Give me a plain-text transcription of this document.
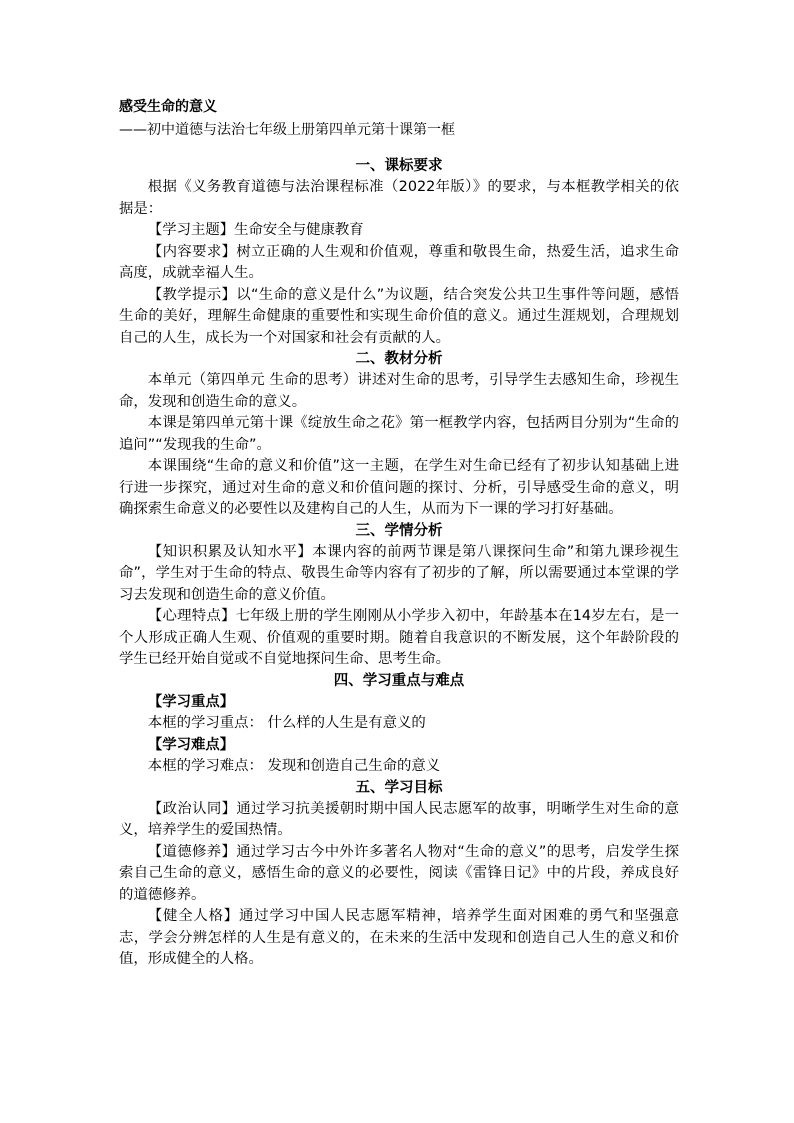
感受生命的意义
——初中道德与法治七年级上册第四单元第十课第一框
一、课标要求

根据《义务教育道德与法治课程标准（2022年版）》的要求，与本框教学相关的依据是：

【学习主题】生命安全与健康教育

【内容要求】树立正确的人生观和价值观，尊重和敬畏生命，热爱生活，追求生命高度，成就幸福人生。

【教学提示】以“生命的意义是什么”为议题，结合突发公共卫生事件等问题，感悟生命的美好，理解生命健康的重要性和实现生命价值的意义。通过生涯规划，合理规划自己的人生，成长为一个对国家和社会有贡献的人。

二、教材分析

本单元（第四单元 生命的思考）讲述对生命的思考，引导学生去感知生命，珍视生命，发现和创造生命的意义。

本课是第四单元第十课《绽放生命之花》第一框教学内容，包括两目分别为“生命的追问”“发现我的生命”。

本课围绕“生命的意义和价值”这一主题，在学生对生命已经有了初步认知基础上进行进一步探究，通过对生命的意义和价值问题的探讨、分析，引导感受生命的意义，明确探索生命意义的必要性以及建构自己的人生，从而为下一课的学习打好基础。

三、学情分析

【知识积累及认知水平】本课内容的前两节课是第八课探问生命”和第九课珍视生命”，学生对于生命的特点、敬畏生命等内容有了初步的了解，所以需要通过本堂课的学习去发现和创造生命的意义价值。

【心理特点】七年级上册的学生刚刚从小学步入初中，年龄基本在14岁左右，是一个人形成正确人生观、价值观的重要时期。随着自我意识的不断发展，这个年龄阶段的学生已经开始自觉或不自觉地探问生命、思考生命。

四、学习重点与难点

【学习重点】

本框的学习重点： 什么样的人生是有意义的

【学习难点】

本框的学习难点： 发现和创造自己生命的意义

五、学习目标

【政治认同】通过学习抗美援朝时期中国人民志愿军的故事，明晰学生对生命的意义，培养学生的爱国热情。

【道德修养】通过学习古今中外许多著名人物对“生命的意义”的思考，启发学生探索自己生命的意义，感悟生命的意义的必要性，阅读《雷锋日记》中的片段，养成良好的道德修养。

【健全人格】通过学习中国人民志愿军精神，培养学生面对困难的勇气和坚强意志，学会分辨怎样的人生是有意义的，在未来的生活中发现和创造自己人生的意义和价值，形成健全的人格。
